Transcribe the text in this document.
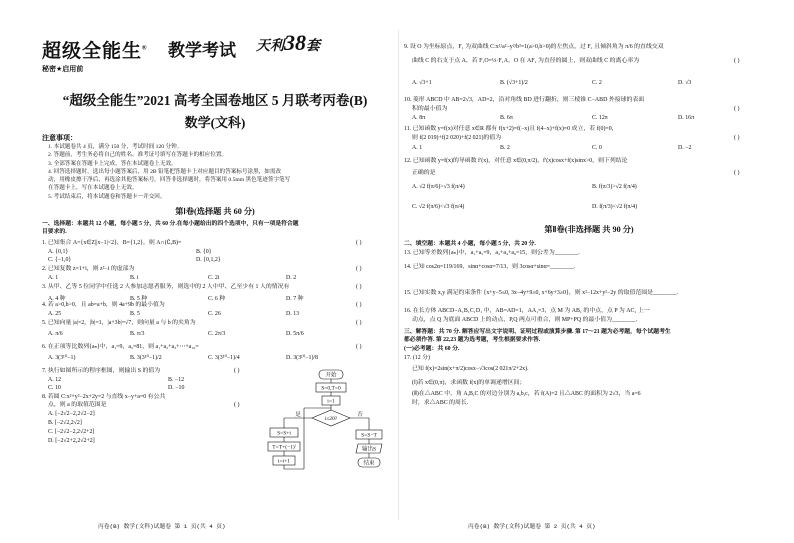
超级全能生® 教学考试 天利38套
秘密★启用前
“超级全能生”2021 高考全国卷地区 5 月联考丙卷(B)
数学(文科)
注意事项：
1. 本试题卷共 4 页，满分 150 分，考试时间 120 分钟。
2. 答题前，考生务必将自己的姓名、准考证号填写在答题卡的相应位置。
3. 全部答案在答题卡上完成，答在本试题卷上无效。
4. 回答选择题时，选出每小题答案后，用 2B 铅笔把答题卡上对应题目的答案标号涂黑，如需改
动，用橡皮擦干净后，再选涂其他答案标号。回答非选择题时，将答案用 0.5mm 黑色笔迹签字笔写
在答题卡上，写在本试题卷上无效。
5. 考试结束后，将本试题卷和答题卡一并交回。
第Ⅰ卷(选择题 共 60 分)
一、选择题：本题共 12 小题，每小题 5 分，共 60 分.在每小题给出的四个选项中，只有一项是符合题
目要求的.
1. 已知集合 A={x∈Z||x−1|<2}，B={1,2}，则 A∩(∁ₐB)=	( )
A. {0,1}	B. {0}
C. {−1,0}	D. {0,1,2}
2. 已知复数 z=1+i，则 z²−i 的虚部为	( )
A. 1	B. i	C. 2i	D. 2
3. 从甲、乙等 5 位同学中任选 2 人参加志愿者服务，则选中的 2 人中甲、乙至少有 1 人的情况有	( )
A. 4 种	B. 5 种	C. 6 种	D. 7 种
4. 若 a>0,b>0，且 ab=a+b，则 4a+9b 的最小值为	( )
A. 25	B. 5	C. 26	D. 13
5. 已知向量 |a|=2，|b|=1，|a+3b|=√7，则向量 a 与 b 的夹角为	( )
A. π/6	B. π/3	C. 2π/3	D. 5π/6
6. 在正项等比数列{aₙ}中，a₁=9，a₅=81，则 a₁+a₂+a₃+⋯+a₁₀=	( )
A. 3(3¹⁰−1)	B. 3(3¹⁰−1)/2	C. 3(3¹⁰−1)/4	D. 3(3¹⁰−1)/8
7. 执行如图所示的程序框图，则输出 S 的值为	( )
A. 12	B. −12
C. 10	D. −10
8. 若圆 C:x²+y²−2x+2y=2 与直线 x−y+a=0 有公共
点，则 a 的取值范围是	( )
A. [−2√2−2,2√2−2]
B. [−2√2,2√2]
C. [−2√2−2,2√2+2]
D. [−2√2+2,2√2+2]
开始
S=0,T=0
i=1
i≤20?
是	否
S=S+i
T=T+(−1)ⁱ
i=i+1
S=S−T
输出S
结束
丙卷(B) 数学(文科)试题卷 第 1 页(共 4 页)
9. 设 O 为坐标原点，F₁ 为双曲线 C:x²/a²−y²/b²=1(a>0,b>0)的左焦点，过 F₁ 且倾斜角为 π/6 的直线交双
曲线 C 的右支于点 A，若 F₁O=⅓·F₁A，O 在 AF₁ 为直径的圆上，则双曲线 C 的离心率为	( )
A. √3+1	B. (√3+1)/2	C. 2	D. √3
10. 菱形 ABCD 中 AB=2√3，AD=2，沿对角线 BD 进行翻折，则三棱锥 C−ABD 外接球的表面
积的最小值为	( )
A. 8π	B. 6π	C. 12π	D. 16π
11. 已知函数 y=f(x)对任意 x∈R 都有 f(x+2)=f(−x)且 f(4−x)+f(x)=0 成立，若 f(0)=0，
则 f(2 019)+f(2 020)+f(2 021)的值为	( )
A. 1	B. 2	C. 0	D. −2
12. 已知函数 y=f(x)的导函数 f′(x)，对任意 x∈(0,π/2)，f′(x)cosx+f(x)sinx>0，则下列结论
正确的是	( )
A. √2 f(π/6)>√3 f(π/4)	B. f(π/3)>√2 f(π/4)
C. √2 f(π/6)<√3 f(π/4)	D. f(π/3)<√2 f(π/4)
第Ⅱ卷(非选择题 共 90 分)
二、填空题：本题共 4 小题，每小题 5 分，共 20 分.
13. 已知等差数列{aₙ}中，a₁+a₅=9，a₂+a₄+a₆=15，则公差为________.
14. 已知 cos2α=119/169，sinα+cosα=7/13，则 3cosα+sinα=________.
15. 已知实数 x,y 满足约束条件 {x+y−5≤0, 3x−4y+9≥0, x+6y+3≥0}，则 x²−12x+y²−2y 的取值范围是________.
16. 在长方体 ABCD−A₁B₁C₁D₁ 中，AB=AD=1，AA₁=3，点 M 为 AB₁ 的中点，点 P 为 AC₁ 上一
动点，点 Q 为底面 ABCD 上的动点，P,Q 两点可重合，则 MP+PQ 的最小值为________.
三、解答题：共 70 分. 解答应写出文字说明、证明过程或演算步骤. 第 17～21 题为必考题，每个试题考生
都必须作答. 第 22,23 题为选考题，考生根据要求作答.
(一)必考题：共 60 分.
17. (12 分)
已知 f(x)=2sin(x+π/2)cosx−√3cos(2 021π/2+2x).
(Ⅰ)若 x∈(0,π)，求函数 f(x)的单调递增区间；
(Ⅱ)在△ABC 中，角 A,B,C 的对边分别为 a,b,c，若 f(A)=2 且△ABC 的面积为 2√3，当 a=6
时，求△ABC 的周长.
丙卷(B) 数学(文科)试题卷 第 2 页(共 4 页)
